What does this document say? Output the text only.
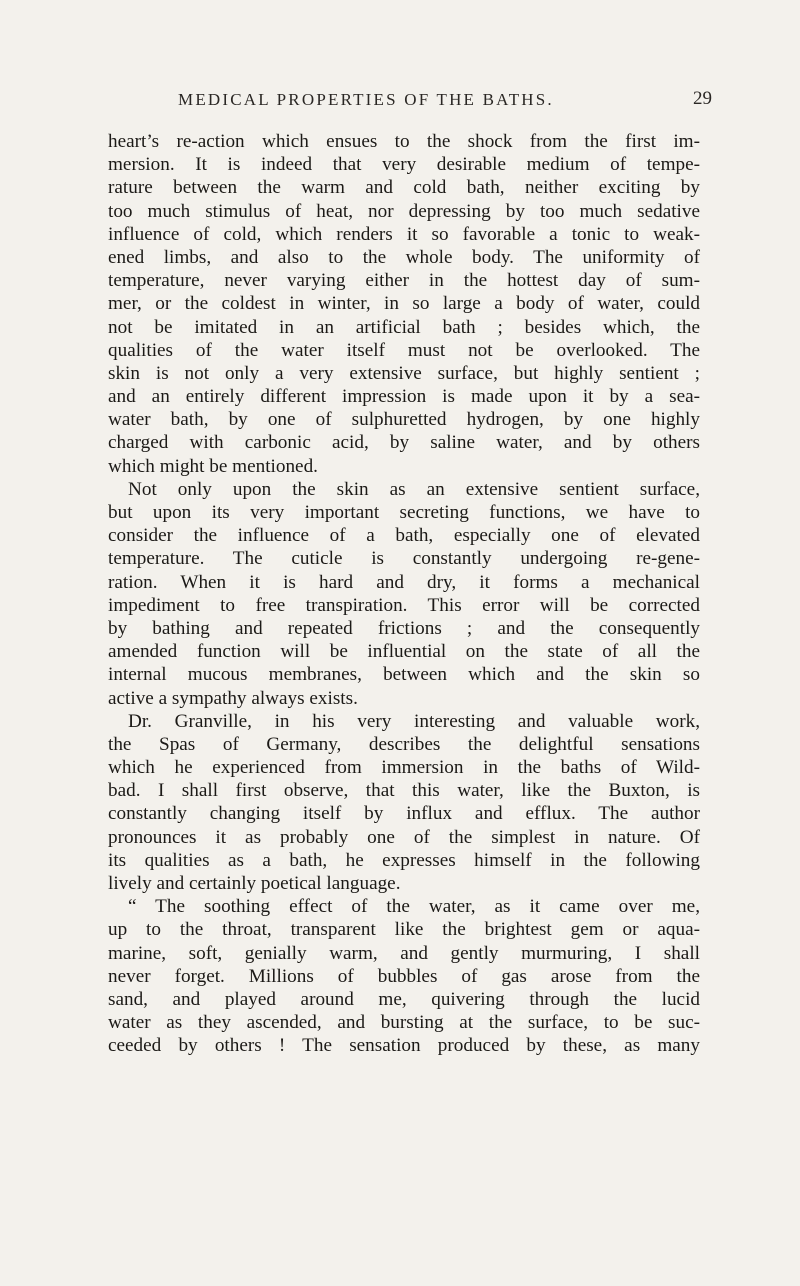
MEDICAL PROPERTIES OF THE BATHS.	29
heart’s re-action which ensues to the shock from the first im-
mersion. It is indeed that very desirable medium of tempe-
rature between the warm and cold bath, neither exciting by
too much stimulus of heat, nor depressing by too much sedative
influence of cold, which renders it so favorable a tonic to weak-
ened limbs, and also to the whole body. The uniformity of
temperature, never varying either in the hottest day of sum-
mer, or the coldest in winter, in so large a body of water, could
not be imitated in an artificial bath ; besides which, the
qualities of the water itself must not be overlooked. The
skin is not only a very extensive surface, but highly sentient ;
and an entirely different impression is made upon it by a sea-
water bath, by one of sulphuretted hydrogen, by one highly
charged with carbonic acid, by saline water, and by others
which might be mentioned.
Not only upon the skin as an extensive sentient surface,
but upon its very important secreting functions, we have to
consider the influence of a bath, especially one of elevated
temperature. The cuticle is constantly undergoing re-gene-
ration. When it is hard and dry, it forms a mechanical
impediment to free transpiration. This error will be corrected
by bathing and repeated frictions ; and the consequently
amended function will be influential on the state of all the
internal mucous membranes, between which and the skin so
active a sympathy always exists.
Dr. Granville, in his very interesting and valuable work,
the Spas of Germany, describes the delightful sensations
which he experienced from immersion in the baths of Wild-
bad. I shall first observe, that this water, like the Buxton, is
constantly changing itself by influx and efflux. The author
pronounces it as probably one of the simplest in nature. Of
its qualities as a bath, he expresses himself in the following
lively and certainly poetical language.
“ The soothing effect of the water, as it came over me,
up to the throat, transparent like the brightest gem or aqua-
marine, soft, genially warm, and gently murmuring, I shall
never forget. Millions of bubbles of gas arose from the
sand, and played around me, quivering through the lucid
water as they ascended, and bursting at the surface, to be suc-
ceeded by others ! The sensation produced by these, as many
